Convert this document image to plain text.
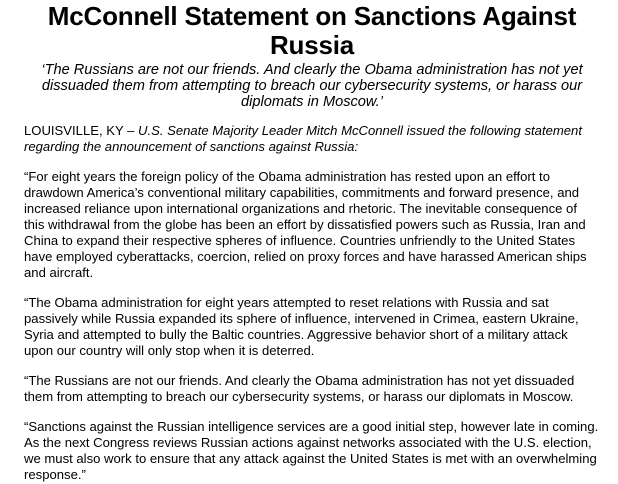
McConnell Statement on Sanctions Against Russia

‘The Russians are not our friends. And clearly the Obama administration has not yet dissuaded them from attempting to breach our cybersecurity systems, or harass our diplomats in Moscow.’

LOUISVILLE, KY – U.S. Senate Majority Leader Mitch McConnell issued the following statement regarding the announcement of sanctions against Russia:

“For eight years the foreign policy of the Obama administration has rested upon an effort to drawdown America’s conventional military capabilities, commitments and forward presence, and increased reliance upon international organizations and rhetoric. The inevitable consequence of this withdrawal from the globe has been an effort by dissatisfied powers such as Russia, Iran and China to expand their respective spheres of influence. Countries unfriendly to the United States have employed cyberattacks, coercion, relied on proxy forces and have harassed American ships and aircraft.

“The Obama administration for eight years attempted to reset relations with Russia and sat passively while Russia expanded its sphere of influence, intervened in Crimea, eastern Ukraine, Syria and attempted to bully the Baltic countries. Aggressive behavior short of a military attack upon our country will only stop when it is deterred.

“The Russians are not our friends. And clearly the Obama administration has not yet dissuaded them from attempting to breach our cybersecurity systems, or harass our diplomats in Moscow.

“Sanctions against the Russian intelligence services are a good initial step, however late in coming. As the next Congress reviews Russian actions against networks associated with the U.S. election, we must also work to ensure that any attack against the United States is met with an overwhelming response.”
